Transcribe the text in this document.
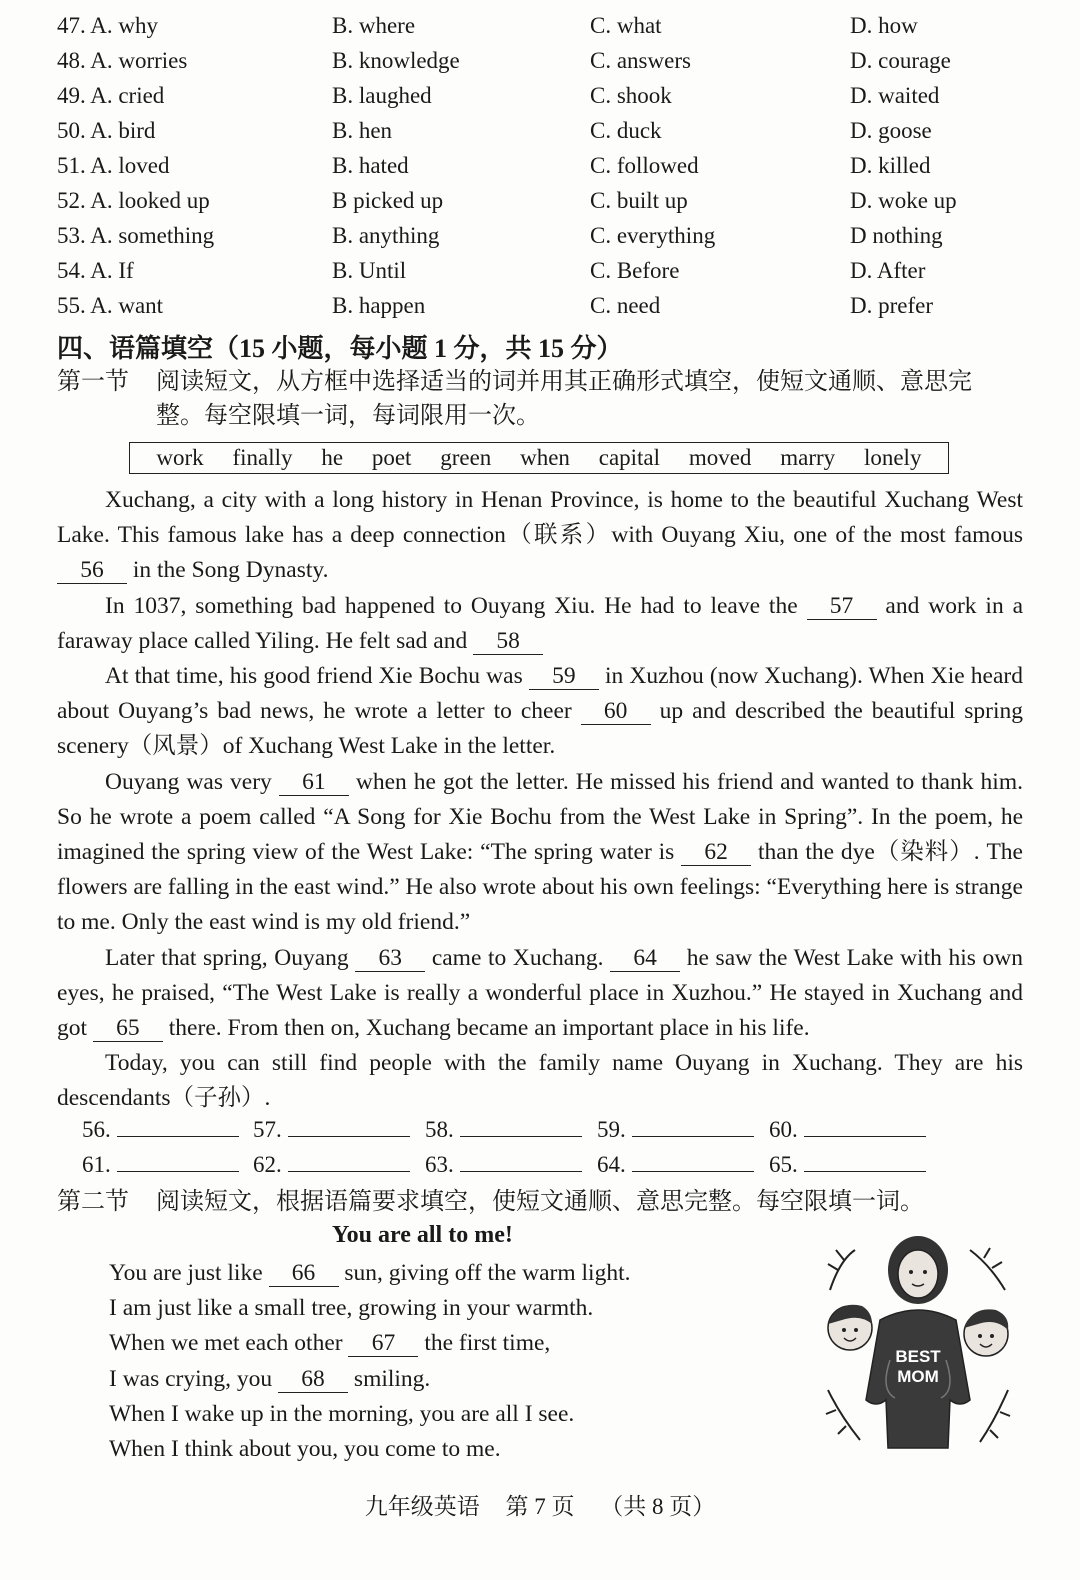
47. A. why	B. where	C. what	D. how
48. A. worries	B. knowledge	C. answers	D. courage
49. A. cried	B. laughed	C. shook	D. waited
50. A. bird	B. hen	C. duck	D. goose
51. A. loved	B. hated	C. followed	D. killed
52. A. looked up	B picked up	C. built up	D. woke up
53. A. something	B. anything	C. everything	D nothing
54. A. If	B. Until	C. Before	D. After
55. A. want	B. happen	C. need	D. prefer
四、语篇填空（15 小题，每小题 1 分，共 15 分）
第一节 阅读短文，从方框中选择适当的词并用其正确形式填空，使短文通顺、意思完
整。每空限填一词，每词限用一次。
work finally he poet green when capital moved marry lonely

Xuchang, a city with a long history in Henan Province, is home to the beautiful Xuchang West Lake. This famous lake has a deep connection（联系）with Ouyang Xiu, one of the most famous 56 in the Song Dynasty.

In 1037, something bad happened to Ouyang Xiu. He had to leave the 57 and work in a faraway place called Yiling. He felt sad and 58

At that time, his good friend Xie Bochu was 59 in Xuzhou (now Xuchang). When Xie heard about Ouyang’s bad news, he wrote a letter to cheer 60 up and described the beautiful spring scenery（风景）of Xuchang West Lake in the letter.

Ouyang was very 61 when he got the letter. He missed his friend and wanted to thank him. So he wrote a poem called “A Song for Xie Bochu from the West Lake in Spring”. In the poem, he imagined the spring view of the West Lake: “The spring water is 62 than the dye（染料）. The flowers are falling in the east wind.” He also wrote about his own feelings: “Everything here is strange to me. Only the east wind is my old friend.”

Later that spring, Ouyang 63 came to Xuchang. 64 he saw the West Lake with his own eyes, he praised, “The West Lake is really a wonderful place in Xuzhou.” He stayed in Xuchang and got 65 there. From then on, Xuchang became an important place in his life.

Today, you can still find people with the family name Ouyang in Xuchang. They are his descendants（子孙）.

56.	57.	58.	59.	60.
61.	62.	63.	64.	65.
第二节 阅读短文，根据语篇要求填空，使短文通顺、意思完整。每空限填一词。
You are all to me!
You are just like 66 sun, giving off the warm light.
I am just like a small tree, growing in your warmth.
When we met each other 67 the first time,
I was crying, you 68 smiling.
When I wake up in the morning, you are all I see.
When I think about you, you come to me.
BEST
MOM
九年级英语 第 7 页 （共 8 页）
